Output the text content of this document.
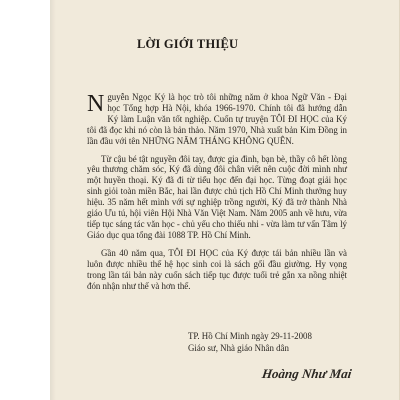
LỜI GIỚI THIỆU

Nguyễn Ngọc Ký là học trò tôi những năm ở khoa Ngữ Văn - Đại học Tổng hợp Hà Nội, khóa 1966-1970. Chính tôi đã hướng dẫn Ký làm Luận văn tốt nghiệp. Cuốn tự truyện TÔI ĐI HỌC của Ký tôi đã đọc khi nó còn là bản thảo. Năm 1970, Nhà xuất bản Kim Đồng in lần đầu với tên NHỮNG NĂM THÁNG KHÔNG QUÊN.

Từ cậu bé tật nguyền đôi tay, được gia đình, bạn bè, thầy cô hết lòng yêu thương chăm sóc, Ký đã dùng đôi chân viết nên cuộc đời mình như một huyền thoại. Ký đã đi từ tiểu học đến đại học. Từng đoạt giải học sinh giỏi toàn miền Bắc, hai lần được chủ tịch Hồ Chí Minh thưởng huy hiệu. 35 năm hết mình với sự nghiệp trồng người, Ký đã trở thành Nhà giáo Ưu tú, hội viên Hội Nhà Văn Việt Nam. Năm 2005 anh về hưu, vừa tiếp tục sáng tác văn học - chủ yếu cho thiếu nhi - vừa làm tư vấn Tâm lý Giáo dục qua tổng đài 1088 TP. Hồ Chí Minh.

Gần 40 năm qua, TÔI ĐI HỌC của Ký được tái bản nhiều lần và luôn được nhiều thế hệ học sinh coi là sách gối đầu giường. Hy vọng trong lần tái bản này cuốn sách tiếp tục được tuổi trẻ gắn xa nồng nhiệt đón nhận như thế và hơn thế.

TP. Hồ Chí Minh ngày 29-11-2008
Giáo sư, Nhà giáo Nhân dân
Hoàng Như Mai
